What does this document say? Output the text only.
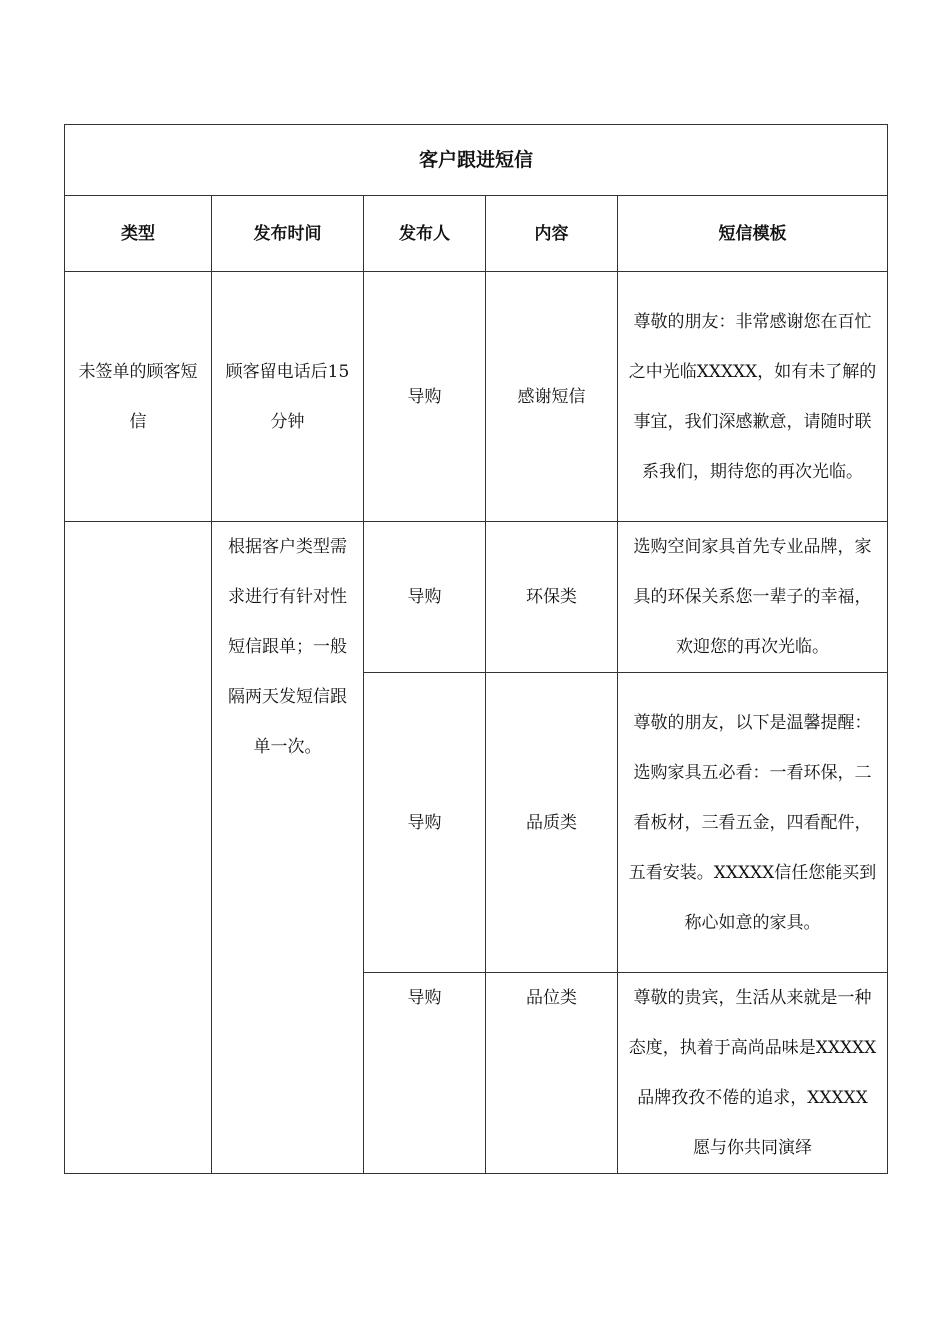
客户跟进短信				
类型	发布时间	发布人	内容	短信模板
未签单的顾客短信	顾客留电话后15 分钟	导购	感谢短信	尊敬的朋友：非常感谢您在百忙之中光临XXXXX，如有未了解的事宜，我们深感歉意，请随时联系我们，期待您的再次光临。
	根据客户类型需求进行有针对性短信跟单；一般隔两天发短信跟单一次。	导购	环保类	选购空间家具首先专业品牌，家具的环保关系您一辈子的幸福，欢迎您的再次光临。
		导购	品质类	尊敬的朋友，以下是温馨提醒：选购家具五必看：一看环保，二看板材，三看五金，四看配件，五看安装。XXXXX信任您能买到称心如意的家具。
		导购	品位类	尊敬的贵宾，生活从来就是一种态度，执着于高尚品味是XXXXX 品牌孜孜不倦的追求，XXXXX 愿与你共同演绎
